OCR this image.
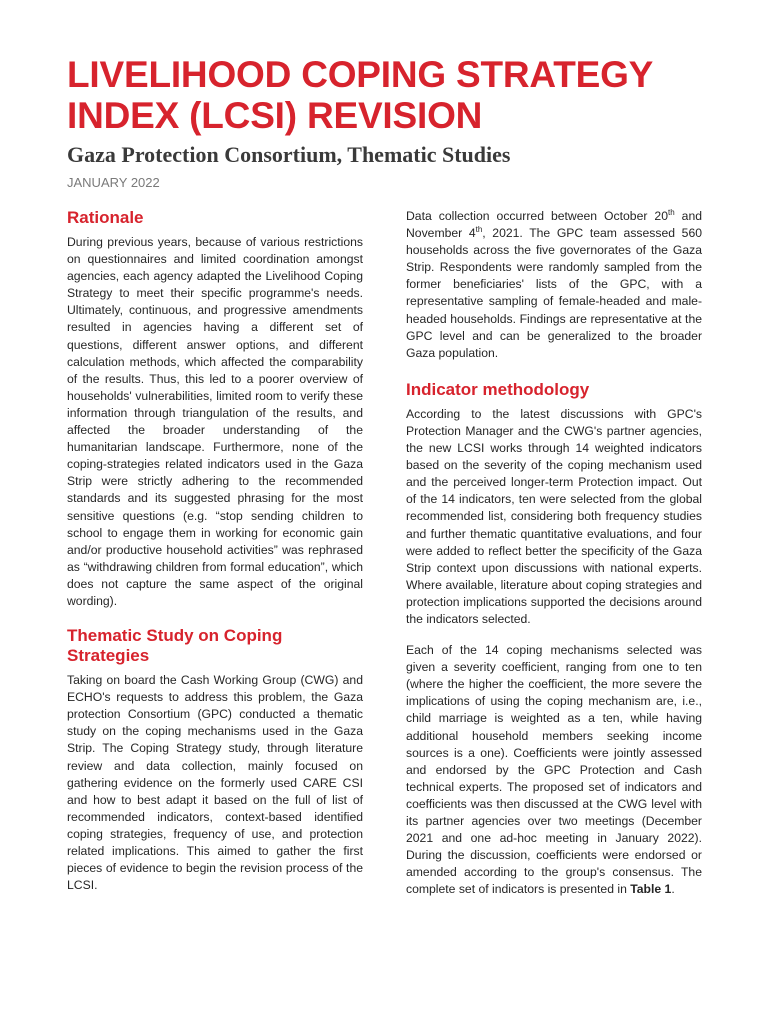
LIVELIHOOD COPING STRATEGY INDEX (LCSI) REVISION
Gaza Protection Consortium, Thematic Studies
JANUARY 2022
Rationale

During previous years, because of various restrictions on questionnaires and limited coordination amongst agencies, each agency adapted the Livelihood Coping Strategy to meet their specific programme's needs. Ultimately, continuous, and progressive amendments resulted in agencies having a different set of questions, different answer options, and different calculation methods, which affected the comparability of the results. Thus, this led to a poorer overview of households' vulnerabilities, limited room to verify these information through triangulation of the results, and affected the broader understanding of the humanitarian landscape. Furthermore, none of the coping-strategies related indicators used in the Gaza Strip were strictly adhering to the recommended standards and its suggested phrasing for the most sensitive questions (e.g. “stop sending children to school to engage them in working for economic gain and/or productive household activities” was rephrased as “withdrawing children from formal education”, which does not capture the same aspect of the original wording).

Thematic Study on Coping Strategies

Taking on board the Cash Working Group (CWG) and ECHO's requests to address this problem, the Gaza protection Consortium (GPC) conducted a thematic study on the coping mechanisms used in the Gaza Strip. The Coping Strategy study, through literature review and data collection, mainly focused on gathering evidence on the formerly used CARE CSI and how to best adapt it based on the full of list of recommended indicators, context-based identified coping strategies, frequency of use, and protection related implications. This aimed to gather the first pieces of evidence to begin the revision process of the LCSI.

Data collection occurred between October 20th and November 4th, 2021. The GPC team assessed 560 households across the five governorates of the Gaza Strip. Respondents were randomly sampled from the former beneficiaries' lists of the GPC, with a representative sampling of female-headed and male-headed households. Findings are representative at the GPC level and can be generalized to the broader Gaza population.

Indicator methodology

According to the latest discussions with GPC's Protection Manager and the CWG's partner agencies, the new LCSI works through 14 weighted indicators based on the severity of the coping mechanism used and the perceived longer-term Protection impact. Out of the 14 indicators, ten were selected from the global recommended list, considering both frequency studies and further thematic quantitative evaluations, and four were added to reflect better the specificity of the Gaza Strip context upon discussions with national experts. Where available, literature about coping strategies and protection implications supported the decisions around the indicators selected.

Each of the 14 coping mechanisms selected was given a severity coefficient, ranging from one to ten (where the higher the coefficient, the more severe the implications of using the coping mechanism are, i.e., child marriage is weighted as a ten, while having additional household members seeking income sources is a one). Coefficients were jointly assessed and endorsed by the GPC Protection and Cash technical experts. The proposed set of indicators and coefficients was then discussed at the CWG level with its partner agencies over two meetings (December 2021 and one ad-hoc meeting in January 2022). During the discussion, coefficients were endorsed or amended according to the group's consensus. The complete set of indicators is presented in Table 1.
